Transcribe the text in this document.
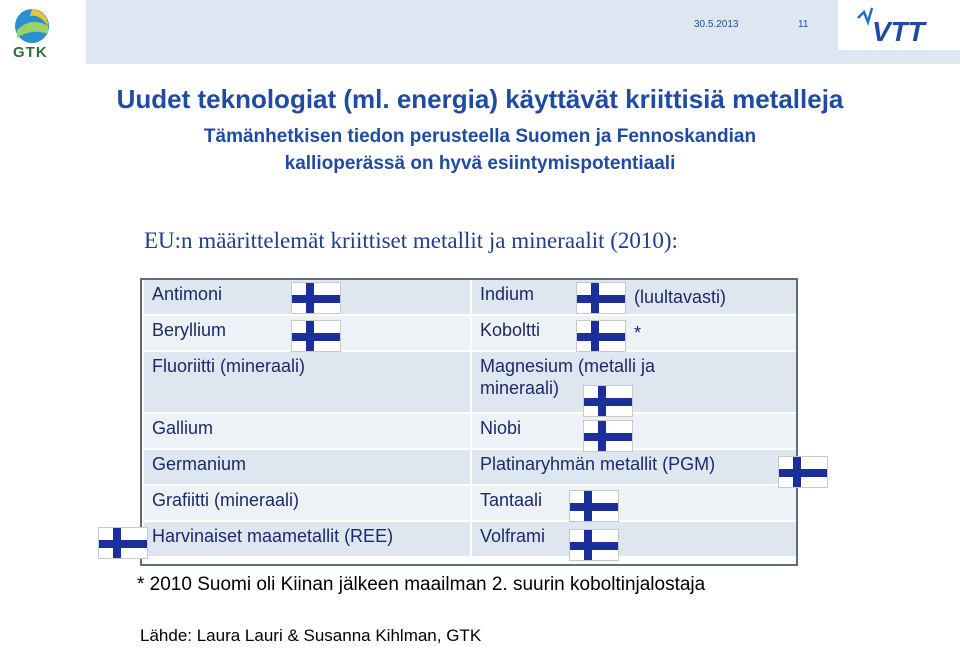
30.5.2013	11
GTK
VTT
Uudet teknologiat (ml. energia) käyttävät kriittisiä metalleja
Tämänhetkisen tiedon perusteella Suomen ja Fennoskandian kallioperässä on hyvä esiintymispotentiaali
EU:n määrittelemät kriittiset metallit ja mineraalit (2010):
Antimoni	Indium
Beryllium	Koboltti
Fluoriitti (mineraali)	Magnesium (metalli ja mineraali)
Gallium	Niobi
Germanium	Platinaryhmän metallit (PGM)
Grafiitti (mineraali)	Tantaali
Harvinaiset maametallit (REE)	Volframi
(luultavasti)
*
* 2010 Suomi oli Kiinan jälkeen maailman 2. suurin koboltinjalostaja
Lähde: Laura Lauri & Susanna Kihlman, GTK
